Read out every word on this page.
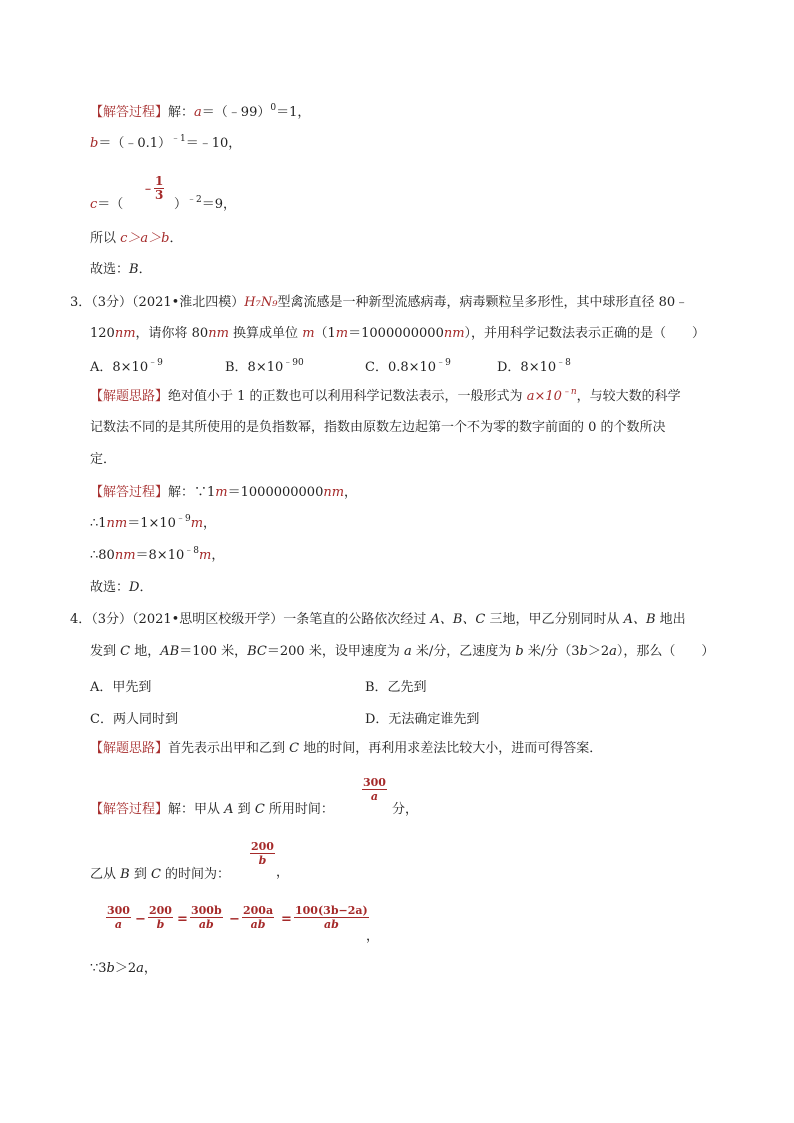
【解答过程】解：a＝（﹣99）$^0$＝1，
b＝（﹣0.1）$^{﹣1}$＝﹣10，
c＝（
﹣ $\frac{1}{3}$
）$^{﹣2}$＝9，
所以 c＞a＞b．
故选：B．
3．（3分）（2021•淮北四模）H₇N₉型禽流感是一种新型流感病毒，病毒颗粒呈多形性，其中球形直径 80﹣
120nm，请你将 80nm 换算成单位 m（1m＝1000000000nm），并用科学记数法表示正确的是（　　）
A．$8\times 10^{﹣9}$	B．$8\times 10^{﹣90}$	C．$0.8\times 10^{﹣9}$	D．$8\times 10^{﹣8}$
【解题思路】绝对值小于 1 的正数也可以利用科学记数法表示，一般形式为 $a\times 10^{﹣n}$，与较大数的科学
记数法不同的是其所使用的是负指数幂，指数由原数左边起第一个不为零的数字前面的 0 的个数所决
定．
【解答过程】解：∵1m＝1000000000nm，
$\therefore 1nm=1\times 10^{﹣9}m$，
$\therefore 80nm=8\times 10^{﹣8}m$，
故选：D．
4．（3分）（2021•思明区校级开学）一条笔直的公路依次经过 A、B、C 三地，甲乙分别同时从 A、B 地出
发到 C 地，AB＝100 米，BC＝200 米，设甲速度为 a 米/分，乙速度为 b 米/分（3b＞2a），那么（　　）
A．甲先到	B．乙先到
C．两人同时到	D．无法确定谁先到
【解题思路】首先表示出甲和乙到 C 地的时间，再利用求差法比较大小，进而可得答案．
【解答过程】解：甲从 A 到 C 所用时间：
300
a
分，
乙从 B 到 C 的时间为：
200
b
，
300
a −
200
b =
300b
ab	−
200a
ab	=
100(3b−2a)
ab
，
∵3b＞2a，
